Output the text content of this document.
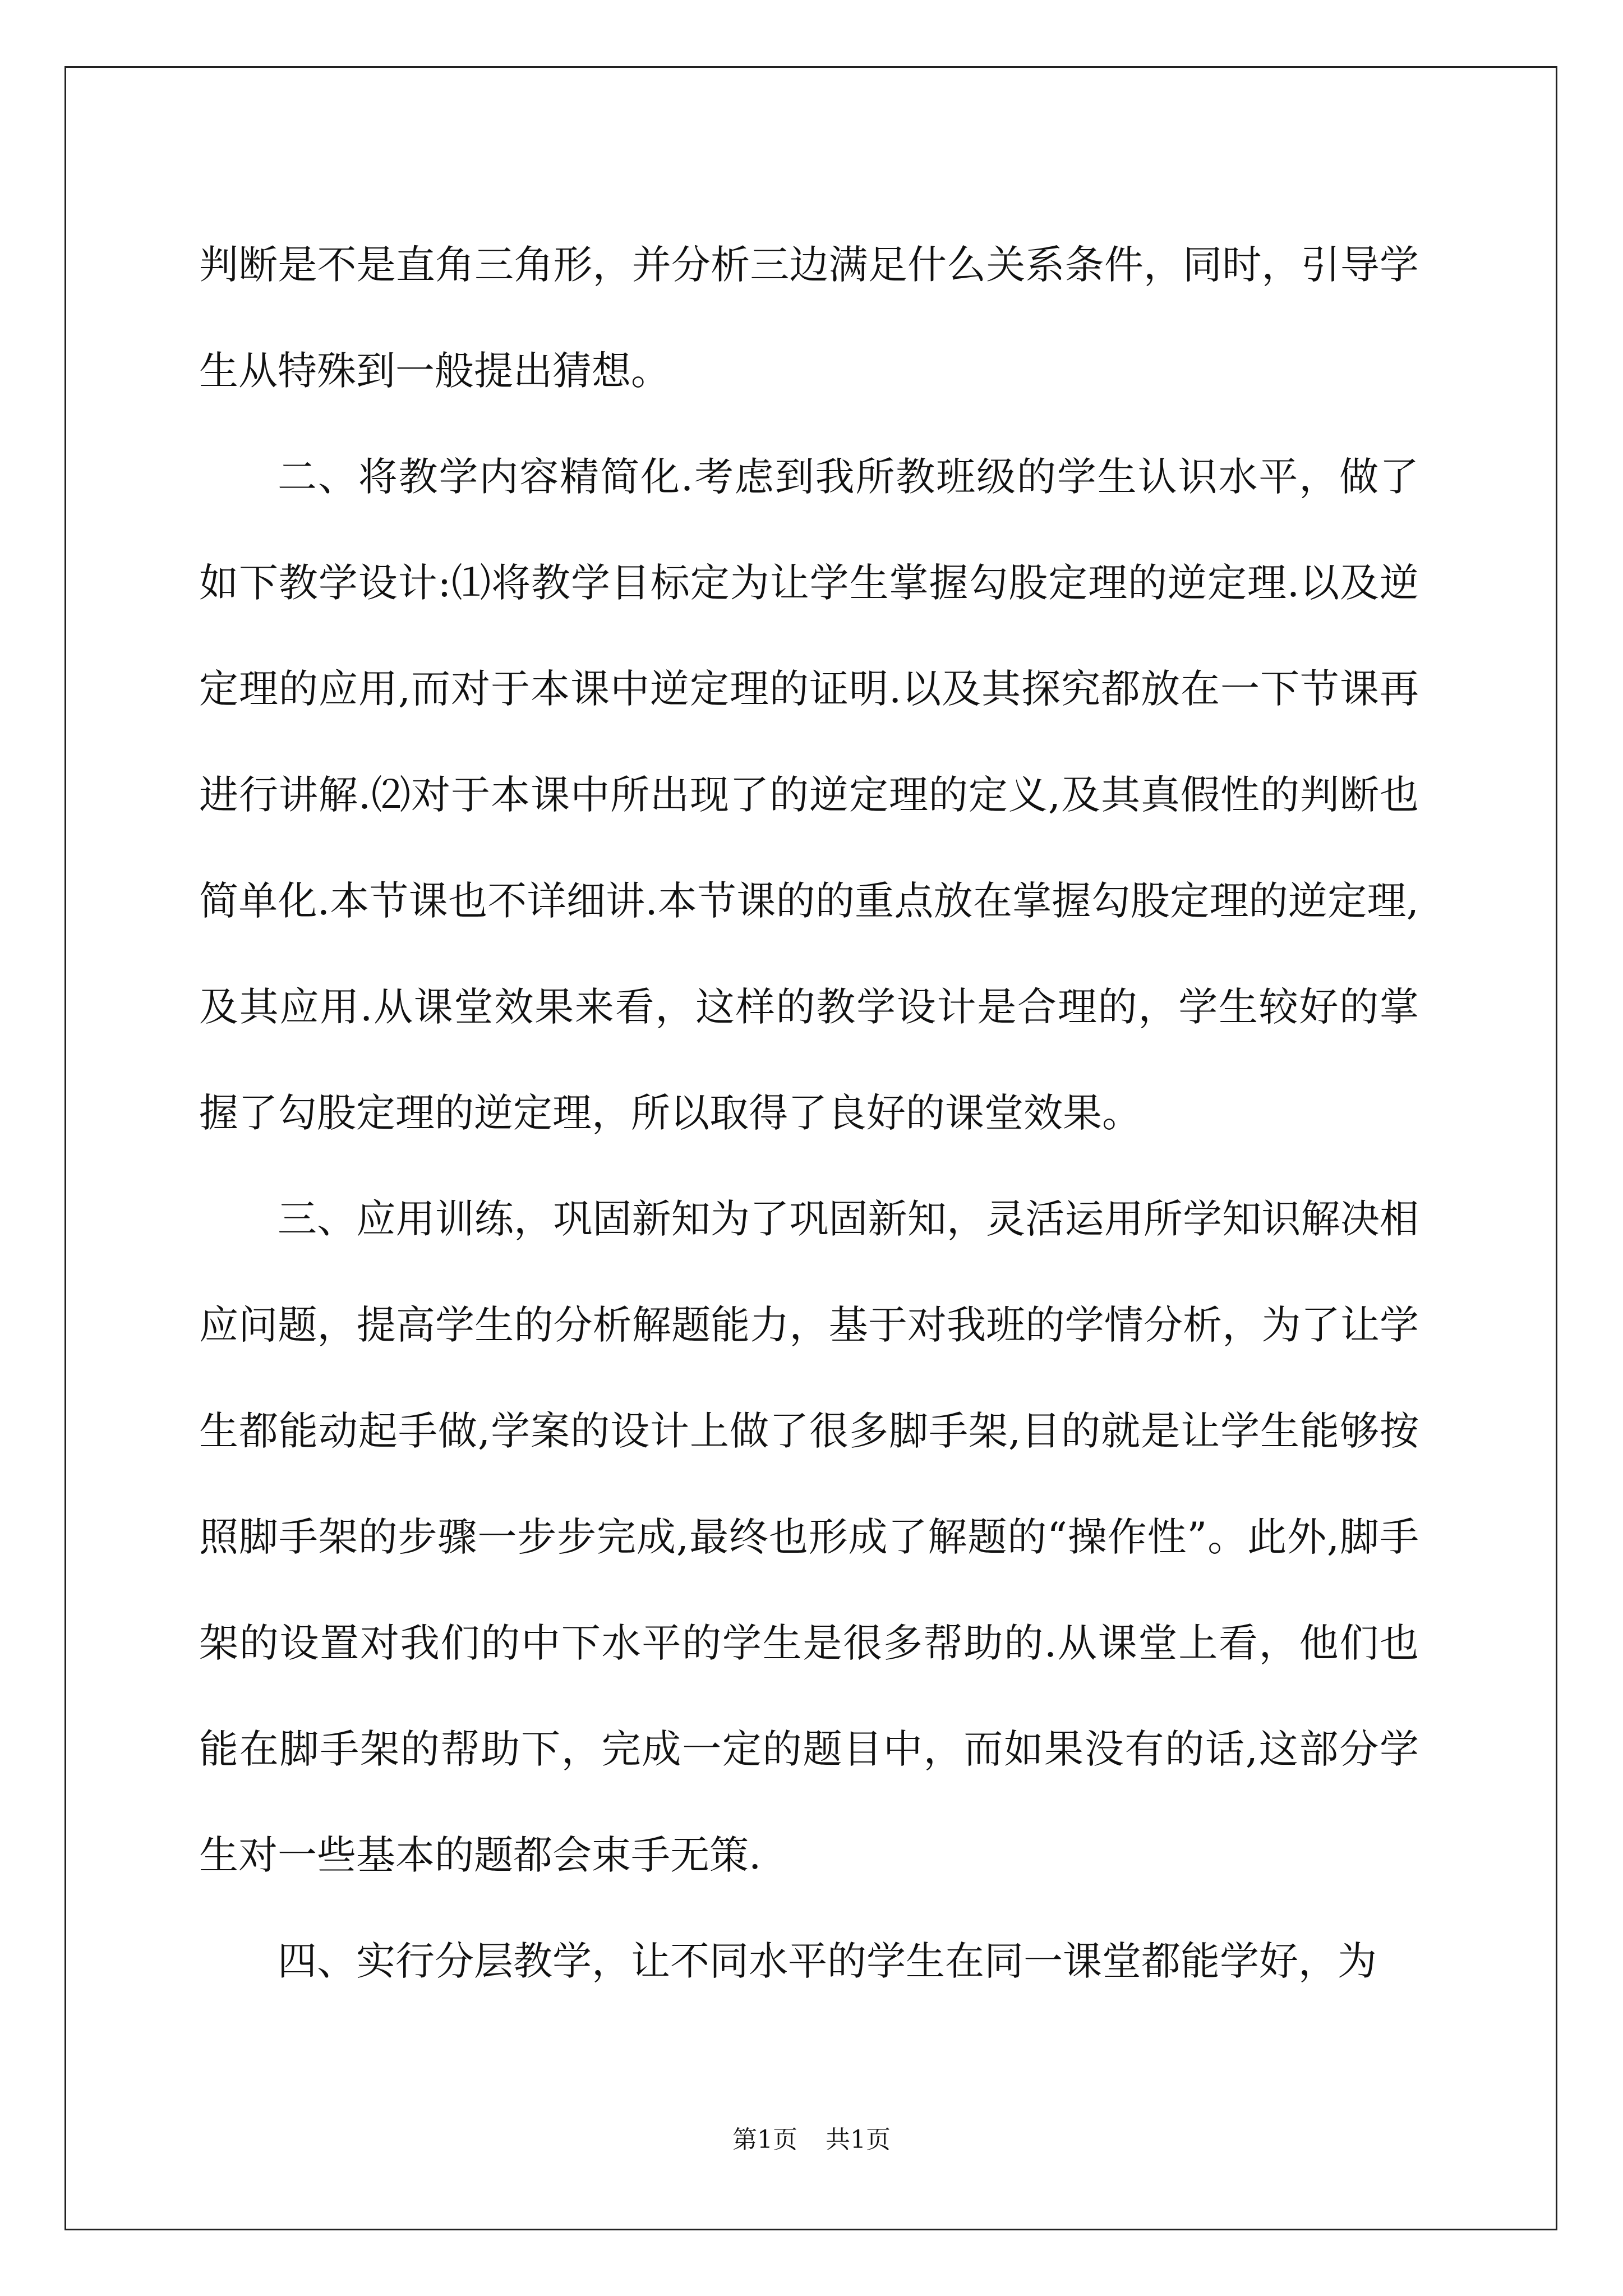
判断是不是直角三角形，并分析三边满足什么关系条件，同时，引导学生从特殊到一般提出猜想。

二、将教学内容精简化.考虑到我所教班级的学生认识水平，做了如下教学设计:⑴将教学目标定为让学生掌握勾股定理的逆定理.以及逆定理的应用,而对于本课中逆定理的证明.以及其探究都放在一下节课再进行讲解.⑵对于本课中所出现了的逆定理的定义,及其真假性的判断也简单化.本节课也不详细讲.本节课的的重点放在掌握勾股定理的逆定理,及其应用.从课堂效果来看，这样的教学设计是合理的，学生较好的掌握了勾股定理的逆定理，所以取得了良好的课堂效果。

三、应用训练，巩固新知为了巩固新知，灵活运用所学知识解决相应问题，提高学生的分析解题能力，基于对我班的学情分析，为了让学生都能动起手做,学案的设计上做了很多脚手架,目的就是让学生能够按照脚手架的步骤一步步完成,最终也形成了解题的“操作性”。此外,脚手架的设置对我们的中下水平的学生是很多帮助的.从课堂上看，他们也能在脚手架的帮助下，完成一定的题目中，而如果没有的话,这部分学生对一些基本的题都会束手无策.

四、实行分层教学，让不同水平的学生在同一课堂都能学好，为

第1页 共1页
